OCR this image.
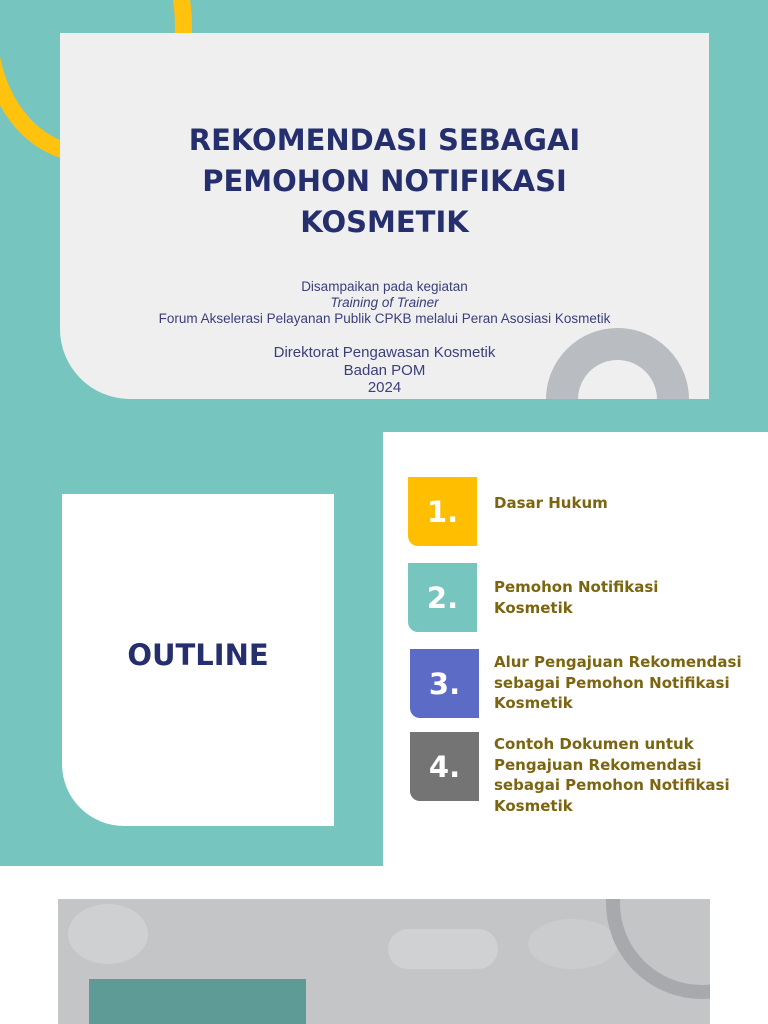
REKOMENDASI SEBAGAI
PEMOHON NOTIFIKASI
KOSMETIK
Disampaikan pada kegiatan
Training of Trainer
Forum Akselerasi Pelayanan Publik CPKB melalui Peran Asosiasi Kosmetik
Direktorat Pengawasan Kosmetik
Badan POM
2024
OUTLINE
1.	Dasar Hukum
2.	Pemohon Notifikasi
Kosmetik
3.
Alur Pengajuan Rekomendasi
sebagai Pemohon Notifikasi
Kosmetik
4.
Contoh Dokumen untuk
Pengajuan Rekomendasi
sebagai Pemohon Notifikasi
Kosmetik
